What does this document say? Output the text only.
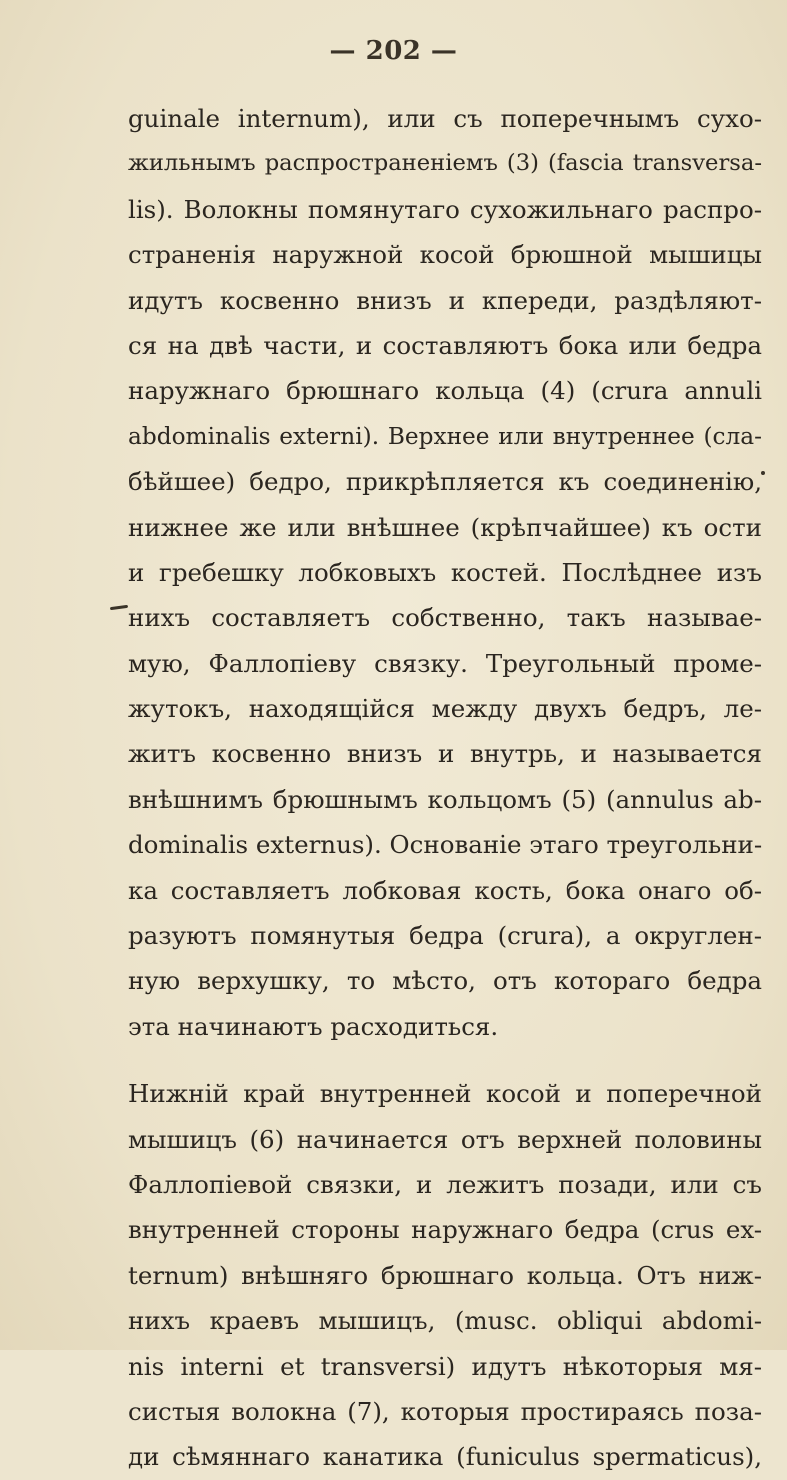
— 202 —
guinale internum), или съ поперечнымъ сухо-
жильнымъ распространеніемъ (3) (fascia transversa-
lis). Волокны помянутаго сухожильнаго распро-
страненія наружной косой брюшной мышицы
идутъ косвенно внизъ и кпереди, раздѣляют-
ся на двѣ части, и составляютъ бока или бедра
наружнаго брюшнаго кольца (4) (crura annuli
abdominalis externi). Верхнее или внутреннее (сла-
бѣйшее) бедро, прикрѣпляется къ соединенію,
нижнее же или внѣшнее (крѣпчайшее) къ ости
и гребешку лобковыхъ костей. Послѣднее изъ
нихъ составляетъ собственно, такъ называе-
мую, Фаллопіеву связку. Треугольный проме-
жутокъ, находящійся между двухъ бедръ, ле-
житъ косвенно внизъ и внутрь, и называется
внѣшнимъ брюшнымъ кольцомъ (5) (annulus ab-
dominalis externus). Основаніе этаго треугольни-
ка составляетъ лобковая кость, бока онаго об-
разуютъ помянутыя бедра (crura), а округлен-
ную верхушку, то мѣсто, отъ котораго бедра
эта начинаютъ расходиться.
Нижній край внутренней косой и поперечной
мышицъ (6) начинается отъ верхней половины
Фаллопіевой связки, и лежитъ позади, или съ
внутренней стороны наружнаго бедра (crus ex-
ternum) внѣшняго брюшнаго кольца. Отъ ниж-
нихъ краевъ мышицъ, (musc. obliqui abdomi-
nis interni et transversi) идутъ нѣкоторыя мя-
систыя волокна (7), которыя простираясь поза-
ди сѣмяннаго канатика (funiculus spermaticus),
